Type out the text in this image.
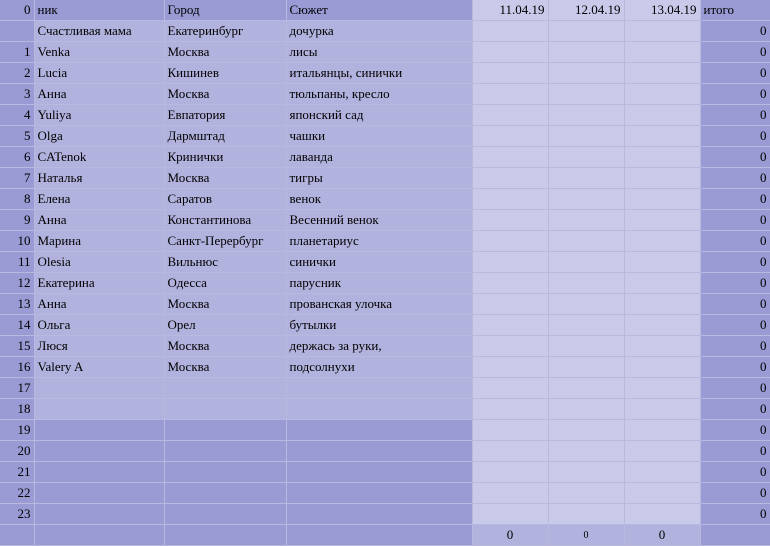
0	ник	Город	Сюжет	11.04.19	12.04.19	13.04.19	итого
	Счастливая мама	Екатеринбург	дочурка				0
1	Venka	Москва	лисы				0
2	Lucia	Кишинев	итальянцы, синички				0
3	Анна	Москва	тюльпаны, кресло				0
4	Yuliya	Евпатория	японский сад				0
5	Olga	Дармштад	чашки				0
6	CATenok	Кринички	лаванда				0
7	Наталья	Москва	тигры				0
8	Елена	Саратов	венок				0
9	Анна	Константинова	Весенний венок				0
10	Марина	Санкт-Перербург	планетариус				0
11	Olesia	Вильнюс	синички				0
12	Екатерина	Одесса	парусник				0
13	Анна	Москва	прованская улочка				0
14	Ольга	Орел	бутылки				0
15	Люся	Москва	держась за руки,				0
16	Valery A	Москва	подсолнухи				0
17							0
18							0
19							0
20							0
21							0
22							0
23							0
				0	0	0	
